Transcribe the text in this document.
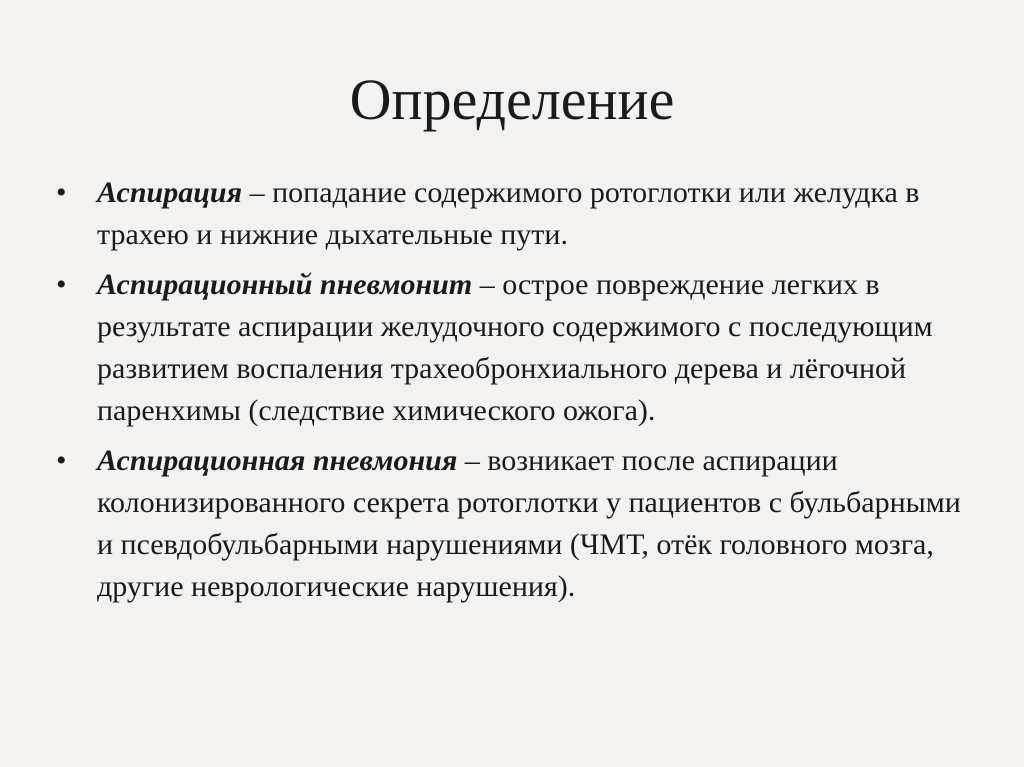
Определение
•	Аспирация – попадание содержимого ротоглотки или желудка в трахею и нижние дыхательные пути.
•	Аспирационный пневмонит – острое повреждение легких в результате аспирации желудочного содержимого с последующим развитием воспаления трахеобронхиального дерева и лёгочной паренхимы (следствие химического ожога).
•	Аспирационная пневмония – возникает после аспирации колонизированного секрета ротоглотки у пациентов с бульбарными и псевдобульбарными нарушениями (ЧМТ, отёк головного мозга, другие неврологические нарушения).
